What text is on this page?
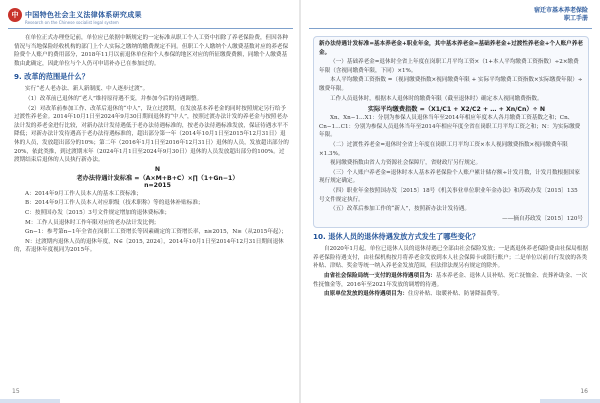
中 中国特色社会主义法律体系研究成果
Research on the Chinese socialist legal system

在单位正式办理登记前，单位应已依据中断规定的一定标准从职工个人工资中扣除了养老保险费，但因各种情况与当地保险经收机构的部门上个人实际之缴纳的缴费规定不同。但职工个人缴纳个人缴费基数对应的养老保险费个人账户的费用部分，2018年11月以前退休单位和个人参保的地区对应的所征缴费费额，同缴个人缴费基数由此确定，因此单位与个人仍可申请补办已在参加过的。

9. 改革的范围是什么？

实行“老人老办法、新人新制度、中人逐步过渡”。

（1）改革前已退休的“老人”维持原待遇不变，并参加今后的待遇调整。

（2）对改革前参加工作、改革后退休的“中人”，设立过渡期，在发放基本养老金的同时按照规定另行给予过渡性养老金。2014年10月1日至2024年9月30日期间退休的“中人”，按照过渡办法计发的养老金与按照老办法计发的养老金进行比较，对新办法计发待遇低于老办法待遇标准的，按老办法待遇标准发放，保证待遇水平不降低；对新办法计发待遇高于老办法待遇标准的，超出部分第一年（2014年10月1日至2015年12月31日）退休的人员，发放超出部分的10%；第二年（2016年1月1日至2016年12月31日）退休的人员，发放超出部分的20%，依此类推，到过渡期末年（2024年1月1日至2024年9月30日）退休的人员发放超出部分的100%。过渡期结束后退休的人员执行新办法。

N

老办法待遇计发标准 =（A×M+B+C）×∏（1+Gn−1）

n=2015

A：2014年9月工作人员本人的基本工资标准；

B：2014年9月工作人员本人对应职级（技术职称）等的退休补贴标准；

C：按照国办发〔2015〕3号文件规定增加的退休费标准；

M：工作人员退休时工作年限对应的老办法计发比例；

Gn−1：参考第n−1年全省在岗职工工资增长等因素确定的工资增长率，n≥2015，N≥（从2015年起）；

N：过渡期内退休人员的退休年度，N∈〔2015, 2024〕，2014年10月1日至2014年12月31日期间退休的，若退休年度视同为2015年。

15
宿迁市基本养老保险
职工手册

新办法待遇计发标准=基本养老金+职业年金，其中基本养老金=基础养老金+过渡性养老金+个人账户养老金。

（一）基础养老金=退休时全省上年度在岗职工月平均工资×（1+本人平均缴费工资指数）÷2×缴费年限（含视同缴费年限，下同）×1%。

本人平均缴费工资指数 =（视同缴费指数×视同缴费年限 + 实际平均缴费工资指数×实际缴费年限）÷缴费年限。

工作人员退休时，根据本人退休时的缴费年限（截至退休时）确定本人视同缴费指数。

实际平均缴费指数 =（X1/C1 + X2/C2 + … + Xn/Cn）÷ N

Xn、Xn−1…X1：分别为参保人员退休当年至2014年相应年度本人各月缴费工资基数之和；Cn、Cn−1…C1：分别为参保人员退休当年至2014年相应年度全省在岗职工月平均工资之和；N：为实际缴费年限。

（二）过渡性养老金=退休时全省上年度在岗职工月平均工资×本人视同缴费指数×视同缴费年限×1.3%。

视同缴费指数由省人力资源社会保障厅，省财政厅另行规定。

（三）个人账户养老金=退休时本人基本养老保险个人账户累计储存额÷计发月数，计发月数根据国家现行规定确定。

（四）职业年金按照国办发〔2015〕18号《机关事业单位职业年金办法》和苏政办发〔2015〕135号文件规定执行。

（五）改革后参加工作的“新人”，按照新办法计发待遇。

——摘自苏政发〔2015〕120号

10. 退休人员的退休待遇发放方式发生了哪些变化？

自2020年1月起，单位已退休人员的退休待遇已全部由社会保险发放；一是离退休养老保险费由社保局根据养老保险待遇支付，由社保机构按月将养老金发放到本人社会保障卡或银行账户；二是单位以前自行发放的各类补贴、津贴、奖金等统一纳入养老金发放范围，但法律法规另有规定的除外。

由省社会保险局统一支付的退休待遇项目为：基本养老金、退休人员补贴、死亡抚恤金、丧葬补助金、一次性抚恤金等，2016年至2021年发放的调增的待遇。

由原单位发放的退休待遇项目为：住房补贴、取暖补贴、防暑降温费等。

16
